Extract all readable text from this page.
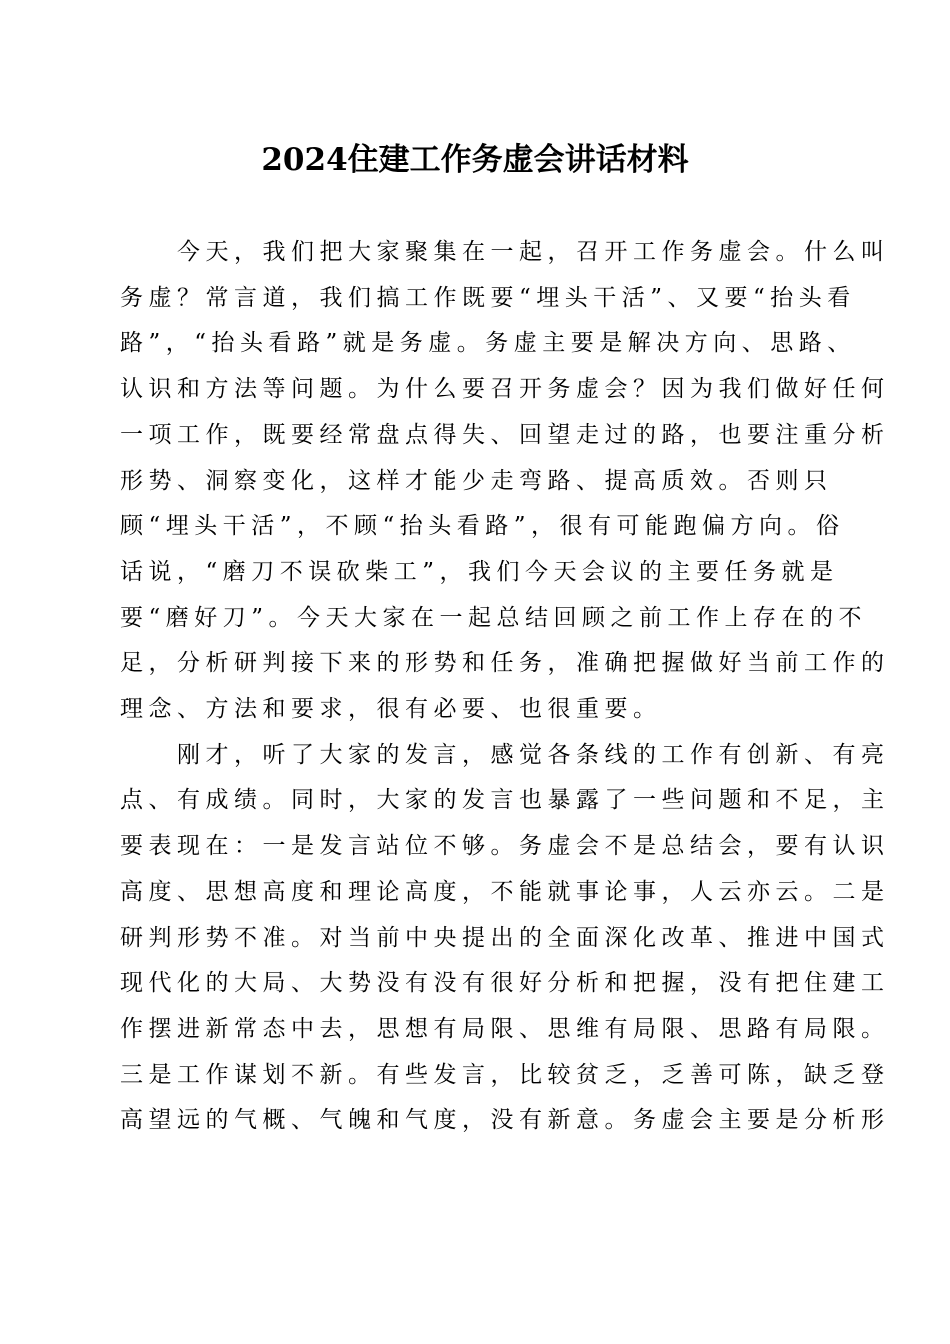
2024住建工作务虚会讲话材料

今天，我们把大家聚集在一起，召开工作务虚会。什么叫
务虚？常言道，我们搞工作既要“埋头干活”、又要“抬头看
路”，“抬头看路”就是务虚。务虚主要是解决方向、思路、
认识和方法等问题。为什么要召开务虚会？因为我们做好任何
一项工作，既要经常盘点得失、回望走过的路，也要注重分析
形势、洞察变化，这样才能少走弯路、提高质效。否则只
顾“埋头干活”，不顾“抬头看路”，很有可能跑偏方向。俗
话说，“磨刀不误砍柴工”，我们今天会议的主要任务就是
要“磨好刀”。今天大家在一起总结回顾之前工作上存在的不
足，分析研判接下来的形势和任务，准确把握做好当前工作的
理念、方法和要求，很有必要、也很重要。

刚才，听了大家的发言，感觉各条线的工作有创新、有亮
点、有成绩。同时，大家的发言也暴露了一些问题和不足，主
要表现在：一是发言站位不够。务虚会不是总结会，要有认识
高度、思想高度和理论高度，不能就事论事，人云亦云。二是
研判形势不准。对当前中央提出的全面深化改革、推进中国式
现代化的大局、大势没有没有很好分析和把握，没有把住建工
作摆进新常态中去，思想有局限、思维有局限、思路有局限。
三是工作谋划不新。有些发言，比较贫乏，乏善可陈，缺乏登
高望远的气概、气魄和气度，没有新意。务虚会主要是分析形
